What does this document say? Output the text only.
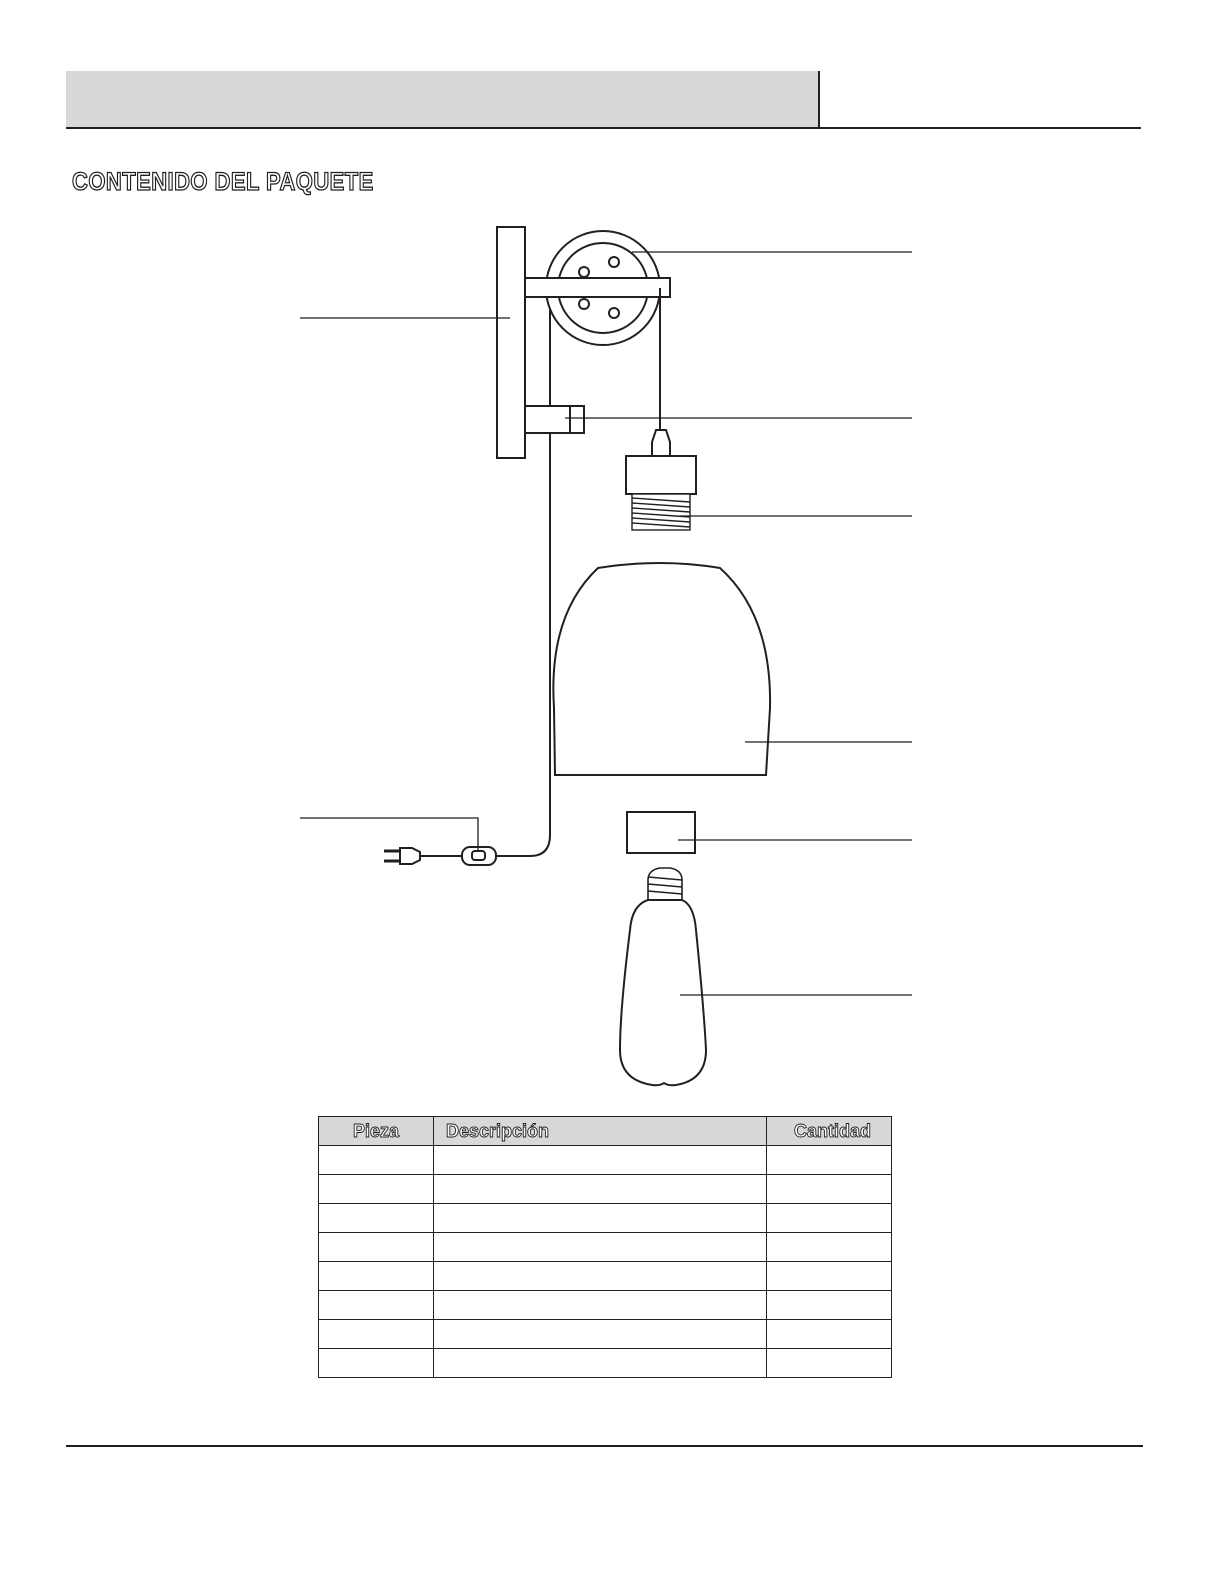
CONTENIDO DEL PAQUETE
Pieza	Descripción	Cantidad
